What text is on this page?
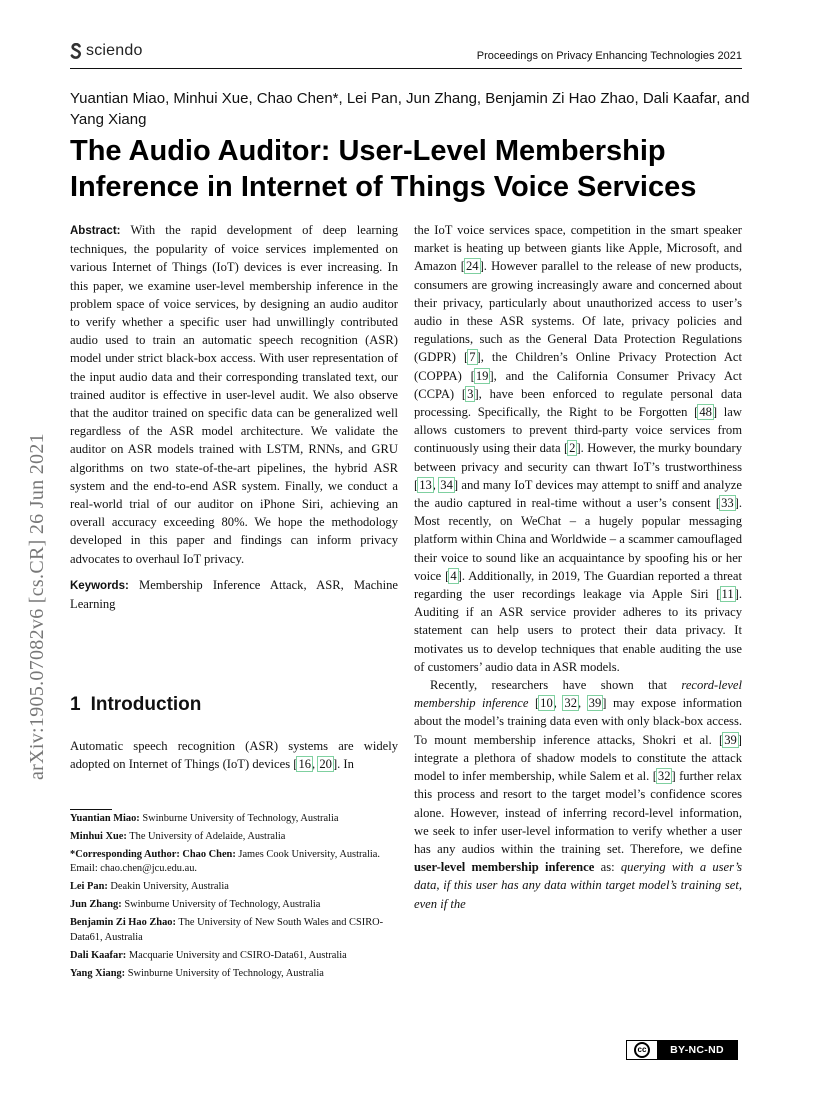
sciendo	Proceedings on Privacy Enhancing Technologies 2021
arXiv:1905.07082v6 [cs.CR] 26 Jun 2021
Yuantian Miao, Minhui Xue, Chao Chen*, Lei Pan, Jun Zhang, Benjamin Zi Hao Zhao, Dali Kaafar, and Yang Xiang
The Audio Auditor: User-Level Membership Inference in Internet of Things Voice Services

Abstract: With the rapid development of deep learning techniques, the popularity of voice services implemented on various Internet of Things (IoT) devices is ever increasing. In this paper, we examine user-level membership inference in the problem space of voice services, by designing an audio auditor to verify whether a specific user had unwillingly contributed audio used to train an automatic speech recognition (ASR) model under strict black-box access. With user representation of the input audio data and their corresponding translated text, our trained auditor is effective in user-level audit. We also observe that the auditor trained on specific data can be generalized well regardless of the ASR model architecture. We validate the auditor on ASR models trained with LSTM, RNNs, and GRU algorithms on two state-of-the-art pipelines, the hybrid ASR system and the end-to-end ASR system. Finally, we conduct a real-world trial of our auditor on iPhone Siri, achieving an overall accuracy exceeding 80%. We hope the methodology developed in this paper and findings can inform privacy advocates to overhaul IoT privacy.

Keywords: Membership Inference Attack, ASR, Machine Learning

1 Introduction

Automatic speech recognition (ASR) systems are widely adopted on Internet of Things (IoT) devices [16, 20]. In

Yuantian Miao: Swinburne University of Technology, Australia

Minhui Xue: The University of Adelaide, Australia

*Corresponding Author: Chao Chen: James Cook University, Australia. Email: chao.chen@jcu.edu.au.

Lei Pan: Deakin University, Australia

Jun Zhang: Swinburne University of Technology, Australia

Benjamin Zi Hao Zhao: The University of New South Wales and CSIRO-Data61, Australia

Dali Kaafar: Macquarie University and CSIRO-Data61, Australia

Yang Xiang: Swinburne University of Technology, Australia

the IoT voice services space, competition in the smart speaker market is heating up between giants like Apple, Microsoft, and Amazon [24]. However parallel to the release of new products, consumers are growing increasingly aware and concerned about their privacy, particularly about unauthorized access to user’s audio in these ASR systems. Of late, privacy policies and regulations, such as the General Data Protection Regulations (GDPR) [7], the Children’s Online Privacy Protection Act (COPPA) [19], and the California Consumer Privacy Act (CCPA) [3], have been enforced to regulate personal data processing. Specifically, the Right to be Forgotten [48] law allows customers to prevent third-party voice services from continuously using their data [2]. However, the murky boundary between privacy and security can thwart IoT’s trustworthiness [13, 34] and many IoT devices may attempt to sniff and analyze the audio captured in real-time without a user’s consent [33]. Most recently, on WeChat – a hugely popular messaging platform within China and Worldwide – a scammer camouflaged their voice to sound like an acquaintance by spoofing his or her voice [4]. Additionally, in 2019, The Guardian reported a threat regarding the user recordings leakage via Apple Siri [11]. Auditing if an ASR service provider adheres to its privacy statement can help users to protect their data privacy. It motivates us to develop techniques that enable auditing the use of customers’ audio data in ASR models.

Recently, researchers have shown that record-level membership inference [10, 32, 39] may expose information about the model’s training data even with only black-box access. To mount membership inference attacks, Shokri et al. [39] integrate a plethora of shadow models to constitute the attack model to infer membership, while Salem et al. [32] further relax this process and resort to the target model’s confidence scores alone. However, instead of inferring record-level information, we seek to infer user-level information to verify whether a user has any audios within the training set. Therefore, we define user-level membership inference as: querying with a user’s data, if this user has any data within target model’s training set, even if the

cc	BY-NC-ND
